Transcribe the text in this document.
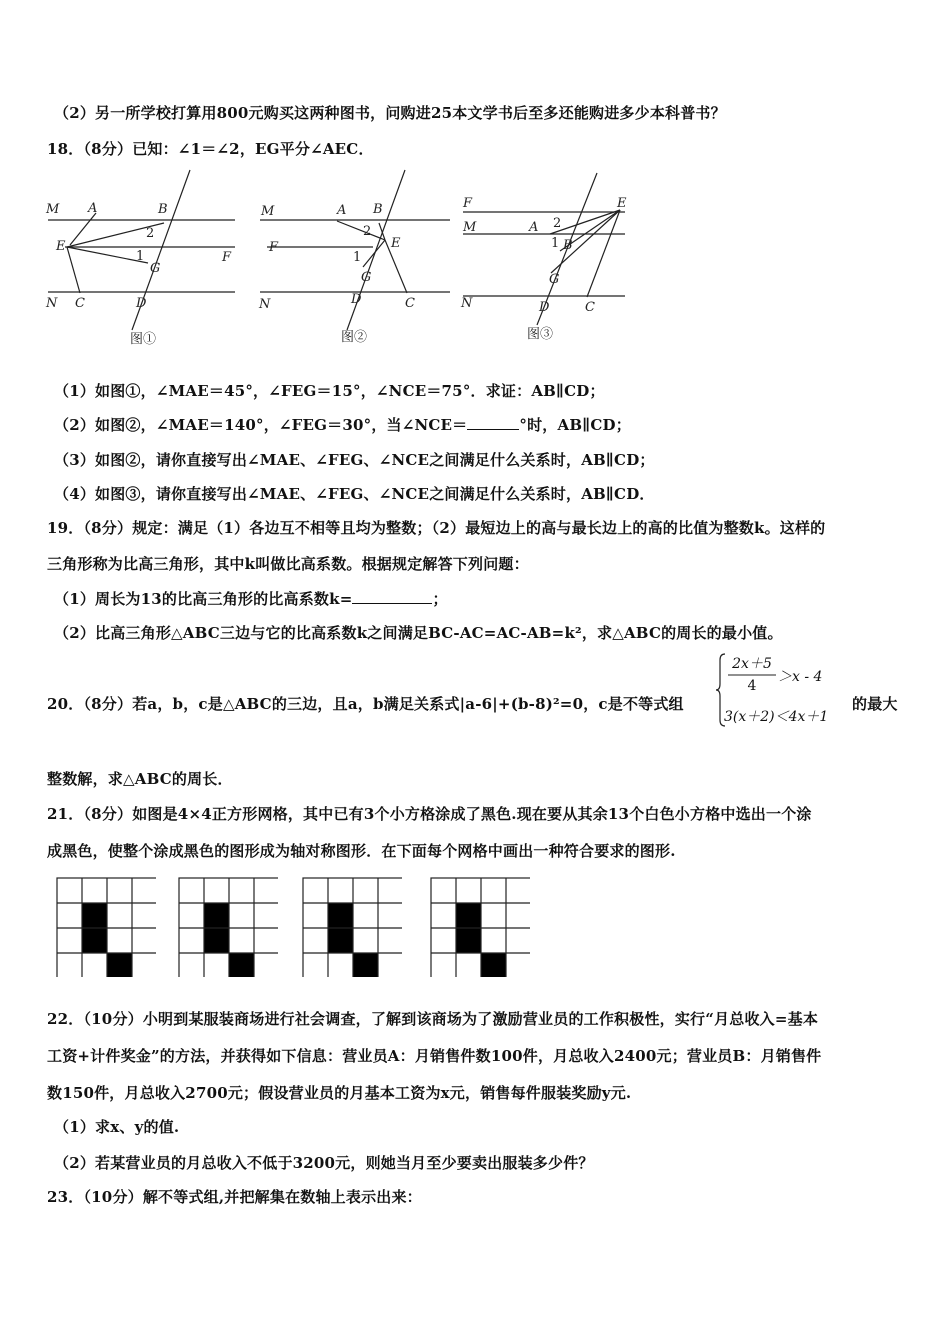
（2）另一所学校打算用800元购买这两种图书，问购进25本文学书后至多还能购进多少本科普书？
18．（8分）已知：∠1＝∠2，EG平分∠AEC．
M A	B
E
2
1
G
F
N C	D
图①
M	A B
F
2
E
1
G
N	D	C
图②
F	E
M	A 2
1 B
G
N	D	C
图③
（1）如图①，∠MAE＝45°，∠FEG＝15°，∠NCE＝75°．求证：AB∥CD；
（2）如图②，∠MAE＝140°，∠FEG＝30°，当∠NCE＝	°时，AB∥CD；
（3）如图②，请你直接写出∠MAE、∠FEG、∠NCE之间满足什么关系时，AB∥CD；
（4）如图③，请你直接写出∠MAE、∠FEG、∠NCE之间满足什么关系时，AB∥CD．
19．（8分）规定：满足（1）各边互不相等且均为整数；（2）最短边上的高与最长边上的高的比值为整数k。这样的
三角形称为比高三角形，其中k叫做比高系数。根据规定解答下列问题：
（1）周长为13的比高三角形的比高系数k=	；
（2）比高三角形△ABC三边与它的比高系数k之间满足BC-AC=AC-AB=k²，求△ABC的周长的最小值。
20．（8分）若a，b，c是△ABC的三边，且a，b满足关系式|a-6|+(b-8)²=0，c是不等式组
2x＋5
4
＞x - 4
3(x＋2)＜4x＋1
的最大
整数解，求△ABC的周长．
21．（8分）如图是4×4正方形网格，其中已有3个小方格涂成了黑色.现在要从其余13个白色小方格中选出一个涂
成黑色，使整个涂成黑色的图形成为轴对称图形．在下面每个网格中画出一种符合要求的图形.
22．（10分）小明到某服装商场进行社会调查，了解到该商场为了激励营业员的工作积极性，实行“月总收入=基本
工资+计件奖金”的方法，并获得如下信息：营业员A：月销售件数100件，月总收入2400元；营业员B：月销售件
数150件，月总收入2700元；假设营业员的月基本工资为x元，销售每件服装奖励y元.
（1）求x、y的值.
（2）若某营业员的月总收入不低于3200元，则她当月至少要卖出服装多少件？
23．（10分）解不等式组,并把解集在数轴上表示出来：
